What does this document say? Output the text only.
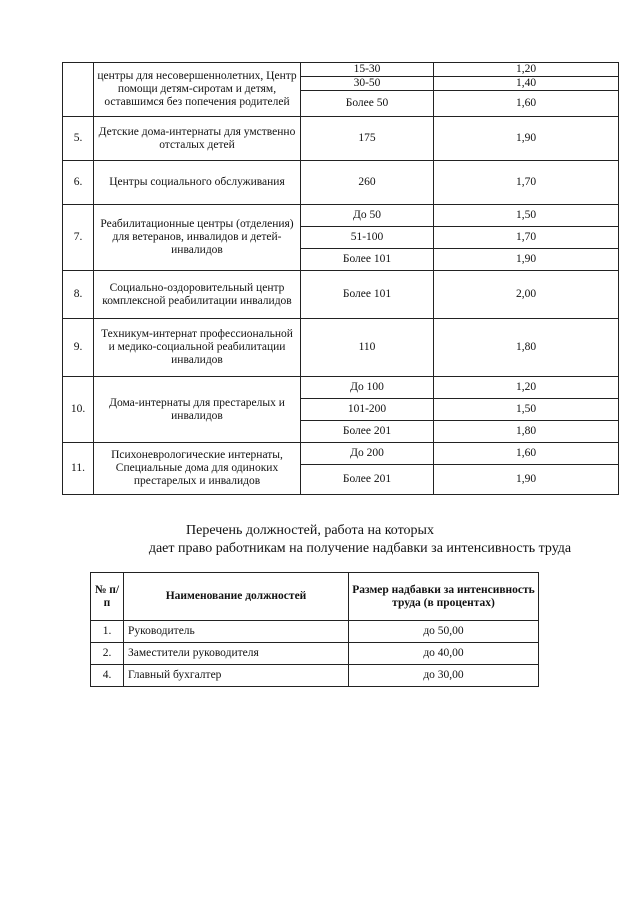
	центры для несовершеннолетних, Центр помощи детям-сиротам и детям, оставшимся без попечения родителей	15-30	1,20
		30-50	1,40
		Более 50	1,60
5.	Детские дома-интернаты для умственно отсталых детей	175	1,90
6.	Центры социального обслуживания	260	1,70
7.	Реабилитационные центры (отделения) для ветеранов, инвалидов и детей-инвалидов	До 50	1,50
		51-100	1,70
		Более 101	1,90
8.	Социально-оздоровительный центр комплексной реабилитации инвалидов	Более 101	2,00
9.	Техникум-интернат профессиональной и медико-социальной реабилитации инвалидов	110	1,80
10.	Дома-интернаты для престарелых и инвалидов	До 100	1,20
		101-200	1,50
		Более 201	1,80
11.	Психоневрологические интернаты, Специальные дома для одиноких престарелых и инвалидов	До 200	1,60
		Более 201	1,90
Перечень должностей, работа на которых
дает право работникам на получение надбавки за интенсивность труда
№ п/п	Наименование должностей	Размер надбавки за интенсивность труда (в процентах)
1.	Руководитель	до 50,00
2.	Заместители руководителя	до 40,00
4.	Главный бухгалтер	до 30,00
